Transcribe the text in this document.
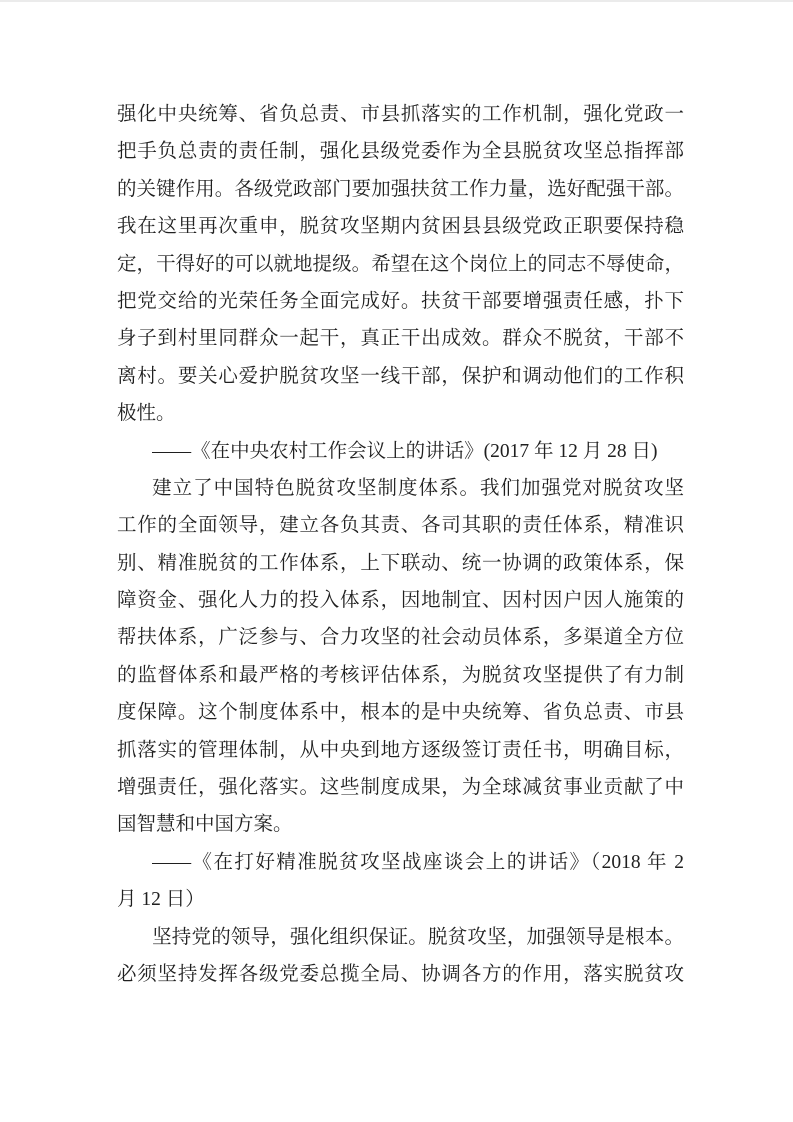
强化中央统筹、省负总责、市县抓落实的工作机制，强化党政一
把手负总责的责任制，强化县级党委作为全县脱贫攻坚总指挥部
的关键作用。各级党政部门要加强扶贫工作力量，选好配强干部。
我在这里再次重申，脱贫攻坚期内贫困县县级党政正职要保持稳
定，干得好的可以就地提级。希望在这个岗位上的同志不辱使命，
把党交给的光荣任务全面完成好。扶贫干部要增强责任感，扑下
身子到村里同群众一起干，真正干出成效。群众不脱贫，干部不
离村。要关心爱护脱贫攻坚一线干部，保护和调动他们的工作积
极性。
——《在中央农村工作会议上的讲话》(2017 年 12 月 28 日)
建立了中国特色脱贫攻坚制度体系。我们加强党对脱贫攻坚
工作的全面领导，建立各负其责、各司其职的责任体系，精准识
别、精准脱贫的工作体系，上下联动、统一协调的政策体系，保
障资金、强化人力的投入体系，因地制宜、因村因户因人施策的
帮扶体系，广泛参与、合力攻坚的社会动员体系，多渠道全方位
的监督体系和最严格的考核评估体系，为脱贫攻坚提供了有力制
度保障。这个制度体系中，根本的是中央统筹、省负总责、市县
抓落实的管理体制，从中央到地方逐级签订责任书，明确目标，
增强责任，强化落实。这些制度成果，为全球减贫事业贡献了中
国智慧和中国方案。
——《在打好精准脱贫攻坚战座谈会上的讲话》（2018 年 2
月 12 日）
坚持党的领导，强化组织保证。脱贫攻坚，加强领导是根本。
必须坚持发挥各级党委总揽全局、协调各方的作用，落实脱贫攻
